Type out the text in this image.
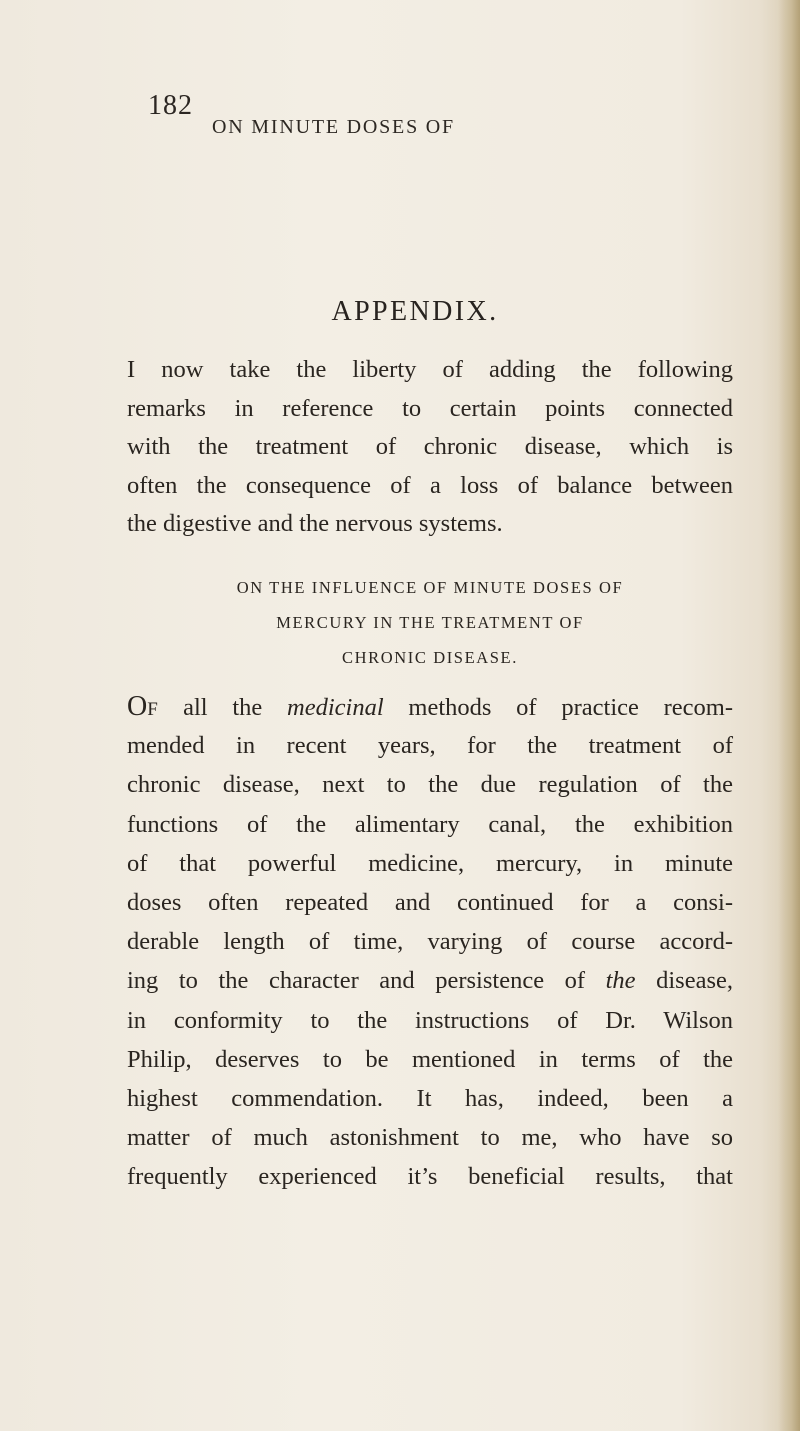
182
ON MINUTE DOSES OF
APPENDIX.
I now take the liberty of adding the following
remarks in reference to certain points connected
with the treatment of chronic disease, which is
often the consequence of a loss of balance between
the digestive and the nervous systems.
ON THE INFLUENCE OF MINUTE DOSES OF
MERCURY IN THE TREATMENT OF
CHRONIC DISEASE.
OF all the medicinal methods of practice recom-
mended in recent years, for the treatment of
chronic disease, next to the due regulation of the
functions of the alimentary canal, the exhibition
of that powerful medicine, mercury, in minute
doses often repeated and continued for a consi-
derable length of time, varying of course accord-
ing to the character and persistence of the disease,
in conformity to the instructions of Dr. Wilson
Philip, deserves to be mentioned in terms of the
highest commendation. It has, indeed, been a
matter of much astonishment to me, who have so
frequently experienced it’s beneficial results, that
